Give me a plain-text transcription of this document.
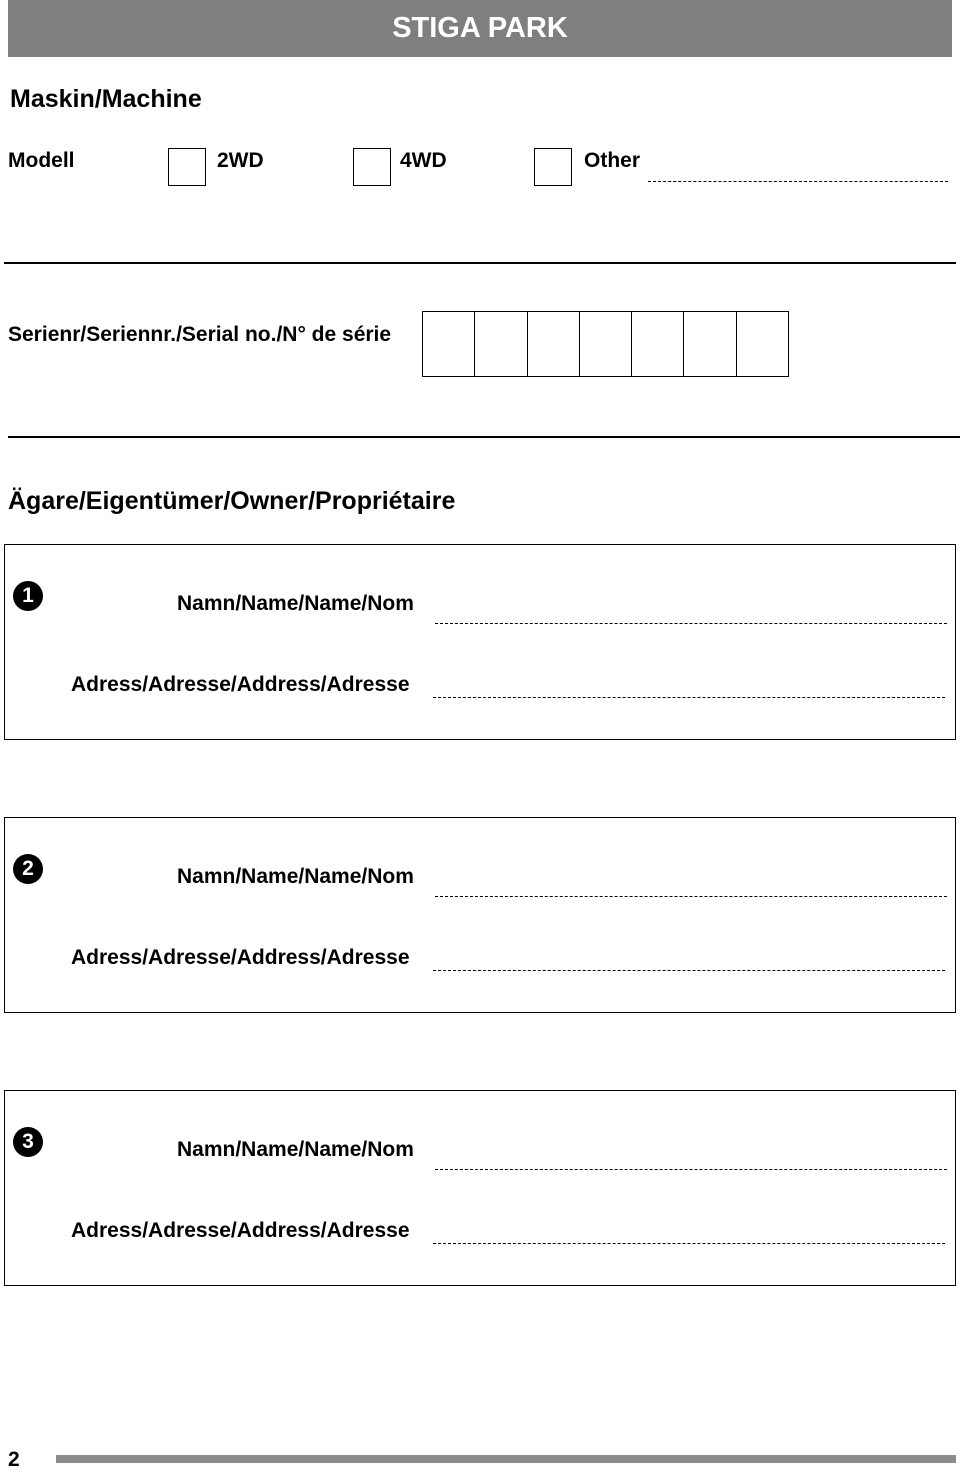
STIGA PARK
Maskin/Machine
Modell	2WD	4WD	Other
Serienr/Seriennr./Serial no./N° de série
Ägare/Eigentümer/Owner/Propriétaire
1	Namn/Name/Name/Nom
Adress/Adresse/Address/Adresse
2	Namn/Name/Name/Nom
Adress/Adresse/Address/Adresse
3	Namn/Name/Name/Nom
Adress/Adresse/Address/Adresse
2
